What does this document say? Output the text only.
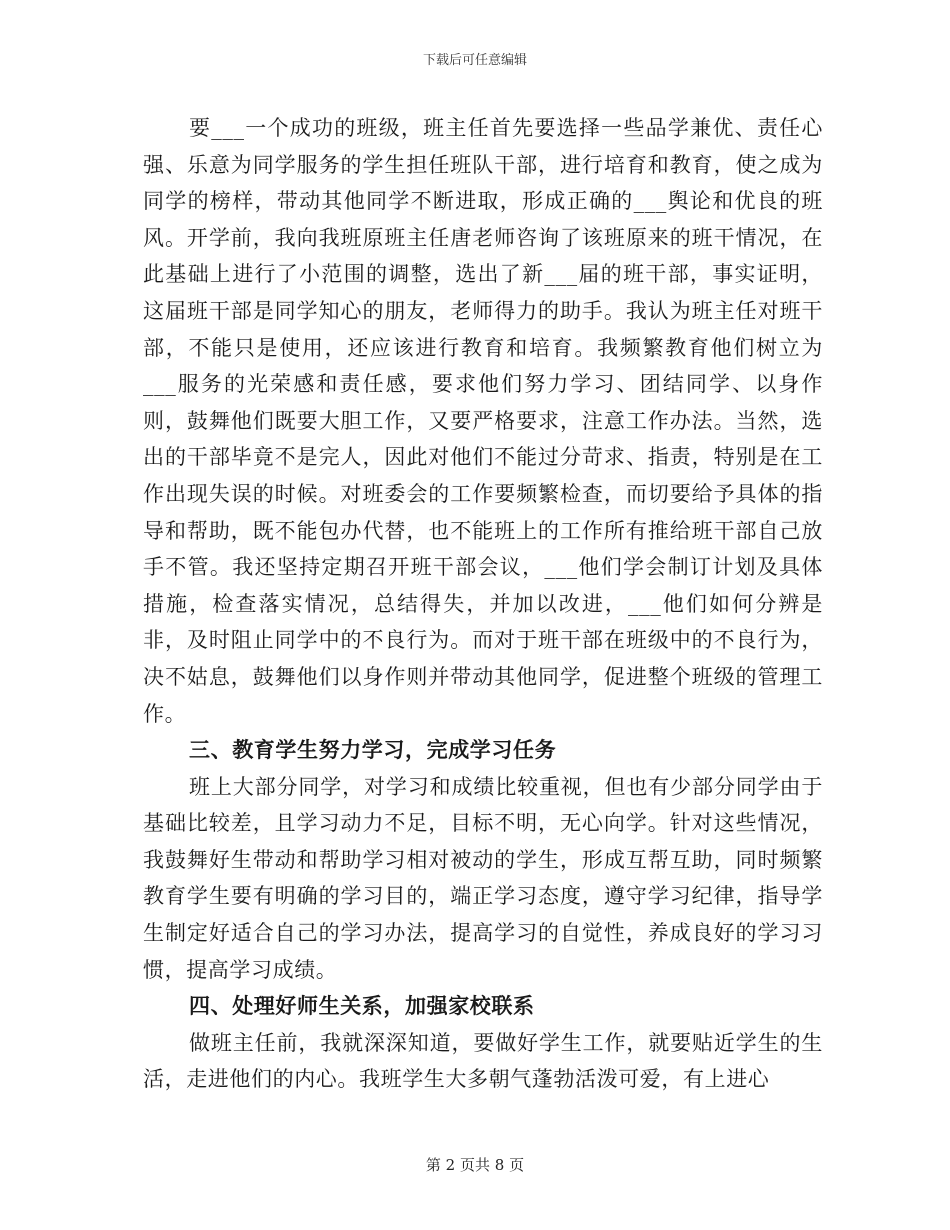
下载后可任意编辑

要___一个成功的班级，班主任首先要选择一些品学兼优、责任心强、乐意为同学服务的学生担任班队干部，进行培育和教育，使之成为同学的榜样，带动其他同学不断进取，形成正确的___舆论和优良的班风。开学前，我向我班原班主任唐老师咨询了该班原来的班干情况，在此基础上进行了小范围的调整，选出了新___届的班干部，事实证明，这届班干部是同学知心的朋友，老师得力的助手。我认为班主任对班干部，不能只是使用，还应该进行教育和培育。我频繁教育他们树立为___服务的光荣感和责任感，要求他们努力学习、团结同学、以身作则，鼓舞他们既要大胆工作，又要严格要求，注意工作办法。当然，选出的干部毕竟不是完人，因此对他们不能过分苛求、指责，特别是在工作出现失误的时候。对班委会的工作要频繁检查，而切要给予具体的指导和帮助，既不能包办代替，也不能班上的工作所有推给班干部自己放手不管。我还坚持定期召开班干部会议，___他们学会制订计划及具体措施，检查落实情况，总结得失，并加以改进，___他们如何分辨是非，及时阻止同学中的不良行为。而对于班干部在班级中的不良行为，决不姑息，鼓舞他们以身作则并带动其他同学，促进整个班级的管理工作。

三、教育学生努力学习，完成学习任务

班上大部分同学，对学习和成绩比较重视，但也有少部分同学由于基础比较差，且学习动力不足，目标不明，无心向学。针对这些情况，我鼓舞好生带动和帮助学习相对被动的学生，形成互帮互助，同时频繁教育学生要有明确的学习目的，端正学习态度，遵守学习纪律，指导学生制定好适合自己的学习办法，提高学习的自觉性，养成良好的学习习惯，提高学习成绩。

四、处理好师生关系，加强家校联系

做班主任前，我就深深知道，要做好学生工作，就要贴近学生的生活，走进他们的内心。我班学生大多朝气蓬勃活泼可爱，有上进心

第 2 页共 8 页
